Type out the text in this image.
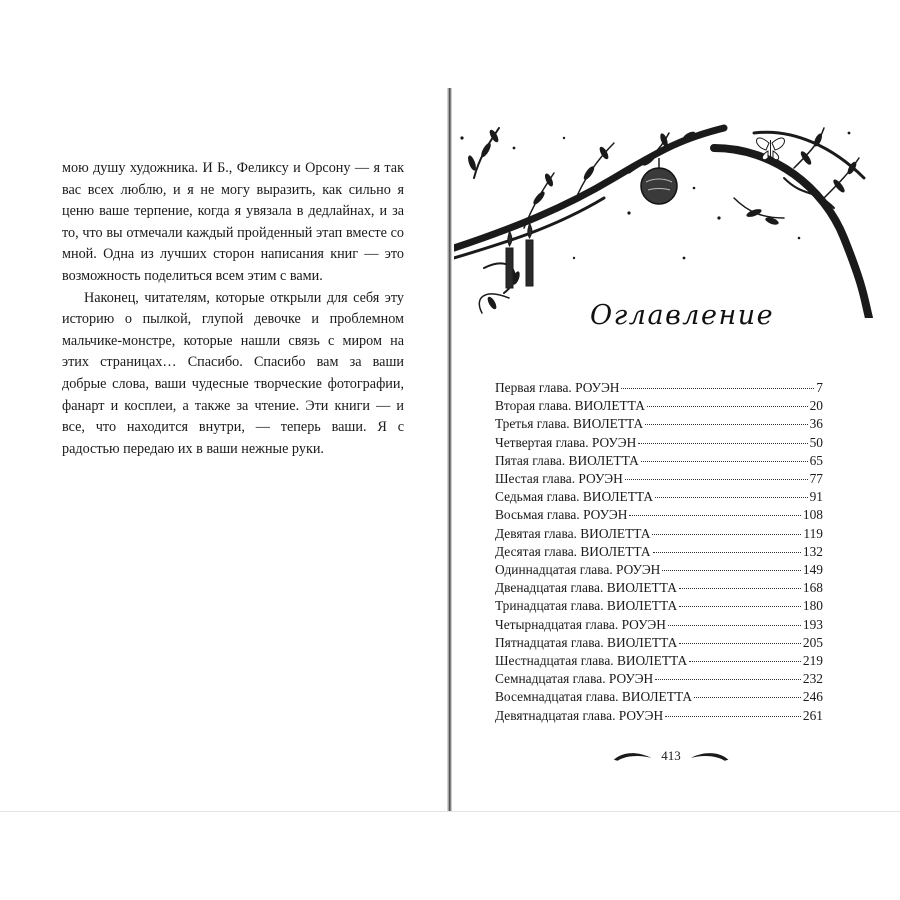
мою душу художника. И Б., Феликсу и Орсону — я так вас всех люблю, и я не могу выразить, как сильно я ценю ваше терпение, когда я увязала в дедлайнах, и за то, что вы отмечали каждый пройденный этап вместе со мной. Одна из лучших сторон написания книг — это возможность поделиться всем этим с вами.

Наконец, читателям, которые открыли для себя эту историю о пылкой, глупой девочке и проблемном мальчике-монстре, которые нашли связь с миром на этих страницах… Спасибо. Спасибо вам за ваши добрые слова, ваши чудесные творческие фотографии, фанарт и косплеи, а также за чтение. Эти книги — и все, что находится внутри, — теперь ваши. Я с радостью передаю их в ваши нежные руки.

Оглавление
Первая глава. РОУЭН	7
Вторая глава. ВИОЛЕТТА	20
Третья глава. ВИОЛЕТТА	36
Четвертая глава. РОУЭН	50
Пятая глава. ВИОЛЕТТА	65
Шестая глава. РОУЭН	77
Седьмая глава. ВИОЛЕТТА	91
Восьмая глава. РОУЭН	108
Девятая глава. ВИОЛЕТТА	119
Десятая глава. ВИОЛЕТТА	132
Одиннадцатая глава. РОУЭН	149
Двенадцатая глава. ВИОЛЕТТА	168
Тринадцатая глава. ВИОЛЕТТА	180
Четырнадцатая глава. РОУЭН	193
Пятнадцатая глава. ВИОЛЕТТА	205
Шестнадцатая глава. ВИОЛЕТТА	219
Семнадцатая глава. РОУЭН	232
Восемнадцатая глава. ВИОЛЕТТА	246
Девятнадцатая глава. РОУЭН	261
413
